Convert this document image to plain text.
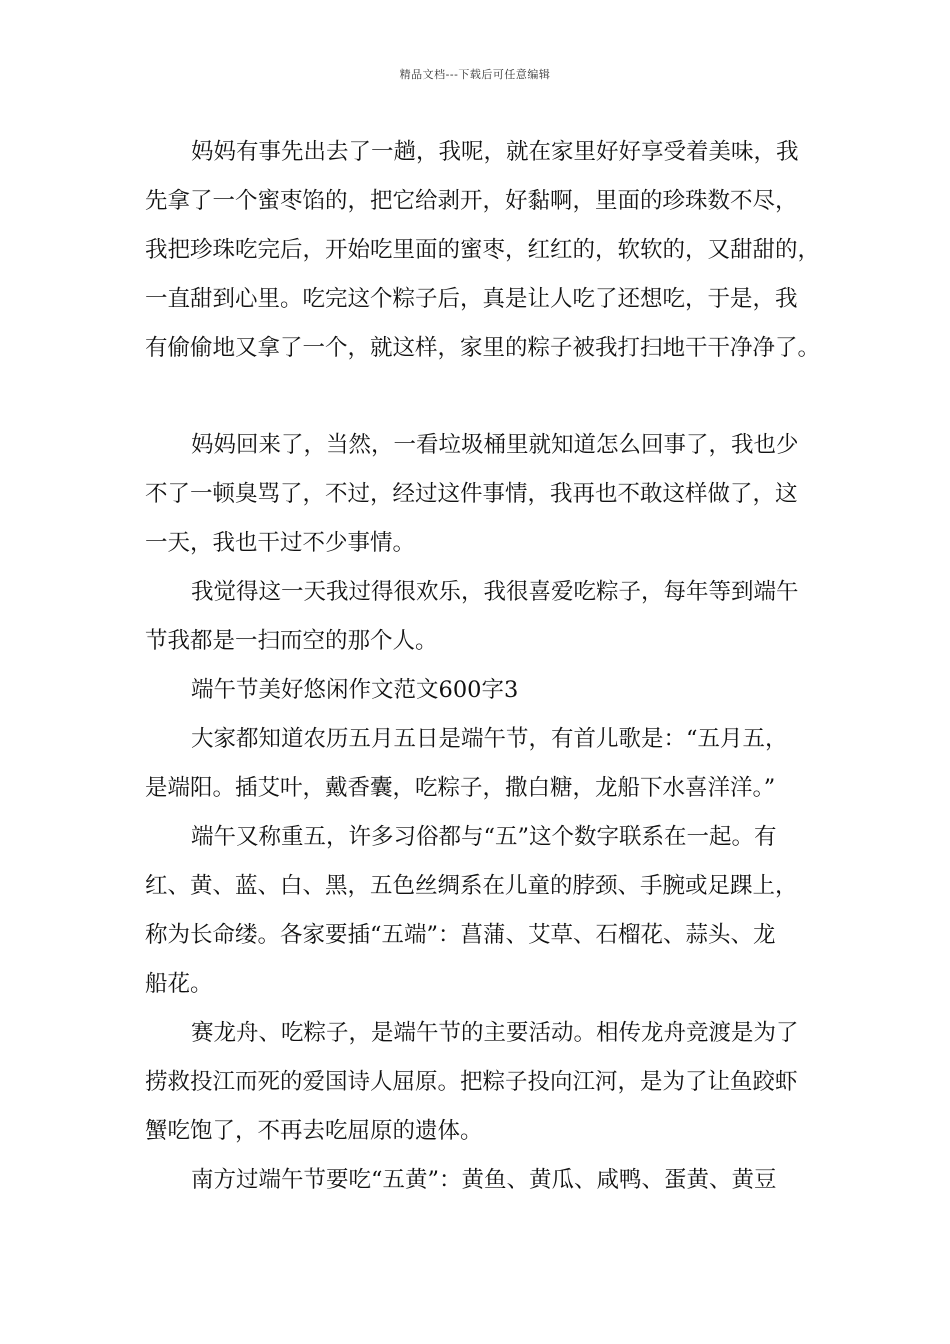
精品文档---下载后可任意编辑
妈妈有事先出去了一趟，我呢，就在家里好好享受着美味，我
先拿了一个蜜枣馅的，把它给剥开，好黏啊，里面的珍珠数不尽，
我把珍珠吃完后，开始吃里面的蜜枣，红红的，软软的，又甜甜的，
一直甜到心里。吃完这个粽子后，真是让人吃了还想吃，于是，我
有偷偷地又拿了一个，就这样，家里的粽子被我打扫地干干净净了。
妈妈回来了，当然，一看垃圾桶里就知道怎么回事了，我也少
不了一顿臭骂了，不过，经过这件事情，我再也不敢这样做了，这
一天，我也干过不少事情。
我觉得这一天我过得很欢乐，我很喜爱吃粽子，每年等到端午
节我都是一扫而空的那个人。
端午节美好悠闲作文范文600字3
大家都知道农历五月五日是端午节，有首儿歌是：“五月五，
是端阳。插艾叶，戴香囊，吃粽子，撒白糖，龙船下水喜洋洋。”
端午又称重五，许多习俗都与“五”这个数字联系在一起。有
红、黄、蓝、白、黑，五色丝绸系在儿童的脖颈、手腕或足踝上，
称为长命缕。各家要插“五端”：菖蒲、艾草、石榴花、蒜头、龙
船花。
赛龙舟、吃粽子，是端午节的主要活动。相传龙舟竞渡是为了
捞救投江而死的爱国诗人屈原。把粽子投向江河，是为了让鱼跤虾
蟹吃饱了，不再去吃屈原的遗体。
南方过端午节要吃“五黄”：黄鱼、黄瓜、咸鸭、蛋黄、黄豆
